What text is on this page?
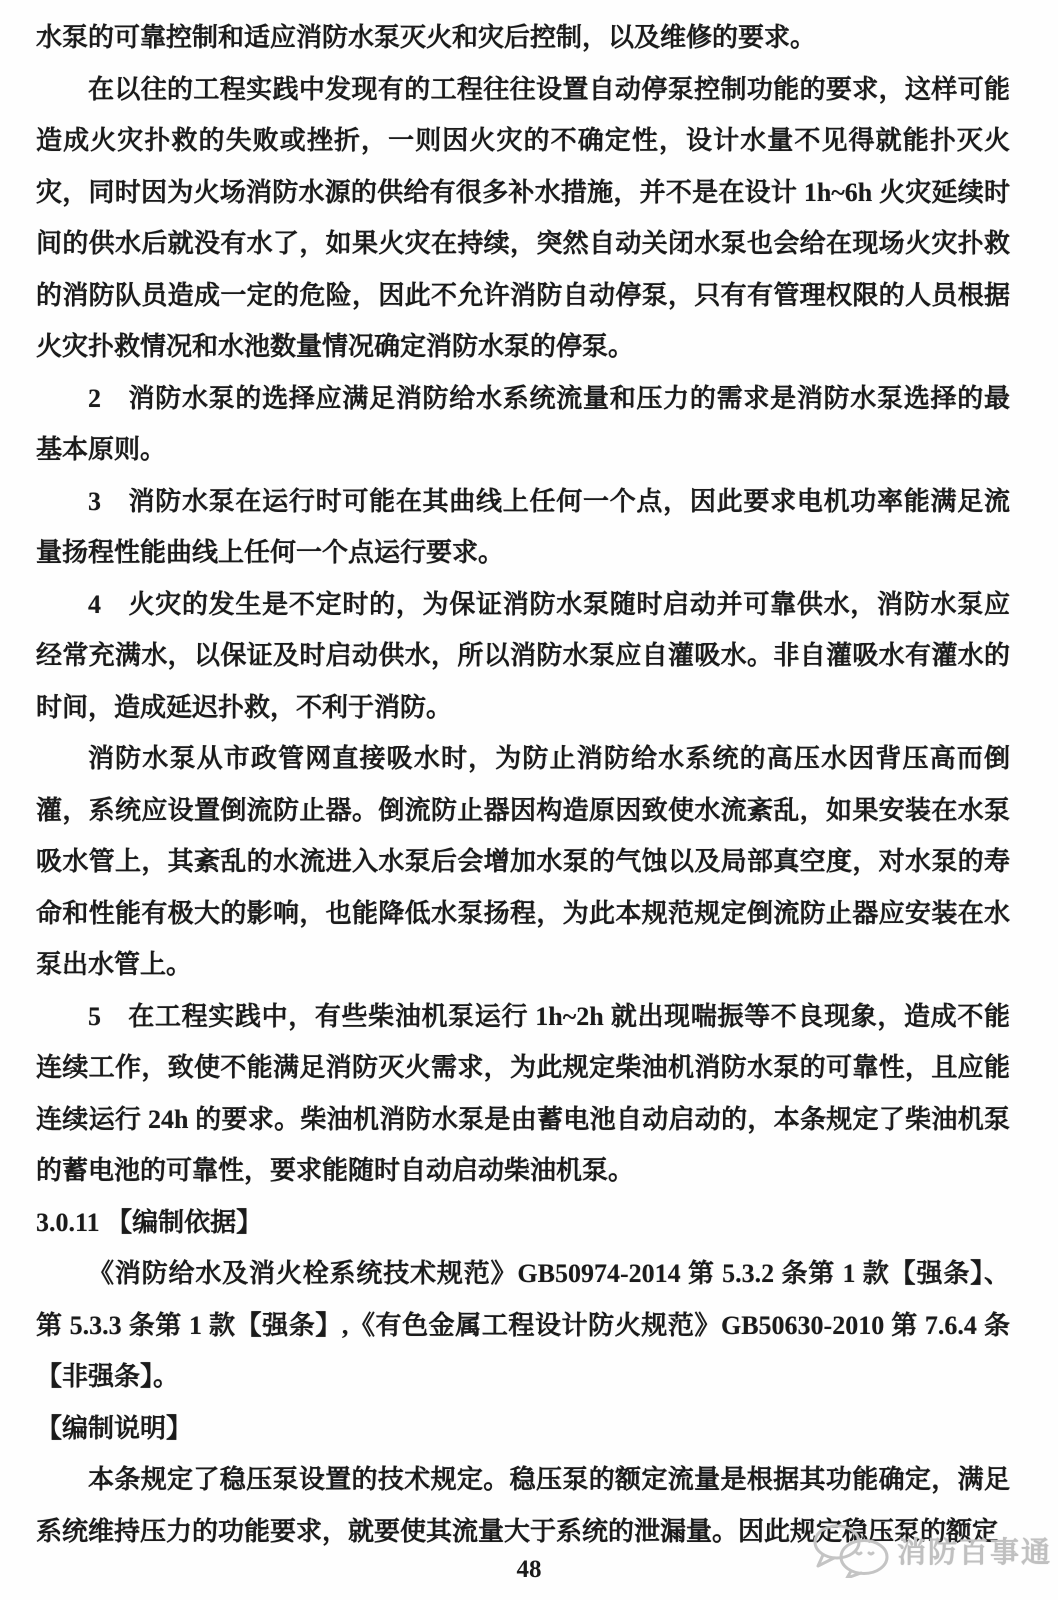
水泵的可靠控制和适应消防水泵灭火和灾后控制，以及维修的要求。

在以往的工程实践中发现有的工程往往设置自动停泵控制功能的要求，这样可能造成火灾扑救的失败或挫折，一则因火灾的不确定性，设计水量不见得就能扑灭火灾，同时因为火场消防水源的供给有很多补水措施，并不是在设计 1h~6h 火灾延续时间的供水后就没有水了，如果火灾在持续，突然自动关闭水泵也会给在现场火灾扑救的消防队员造成一定的危险，因此不允许消防自动停泵，只有有管理权限的人员根据火灾扑救情况和水池数量情况确定消防水泵的停泵。

2　消防水泵的选择应满足消防给水系统流量和压力的需求是消防水泵选择的最基本原则。

3　消防水泵在运行时可能在其曲线上任何一个点，因此要求电机功率能满足流量扬程性能曲线上任何一个点运行要求。

4　火灾的发生是不定时的，为保证消防水泵随时启动并可靠供水，消防水泵应经常充满水，以保证及时启动供水，所以消防水泵应自灌吸水。非自灌吸水有灌水的时间，造成延迟扑救，不利于消防。

消防水泵从市政管网直接吸水时，为防止消防给水系统的高压水因背压高而倒灌，系统应设置倒流防止器。倒流防止器因构造原因致使水流紊乱，如果安装在水泵吸水管上，其紊乱的水流进入水泵后会增加水泵的气蚀以及局部真空度，对水泵的寿命和性能有极大的影响，也能降低水泵扬程，为此本规范规定倒流防止器应安装在水泵出水管上。

5　在工程实践中，有些柴油机泵运行 1h~2h 就出现喘振等不良现象，造成不能连续工作，致使不能满足消防灭火需求，为此规定柴油机消防水泵的可靠性，且应能连续运行 24h 的要求。柴油机消防水泵是由蓄电池自动启动的，本条规定了柴油机泵的蓄电池的可靠性，要求能随时自动启动柴油机泵。

3.0.11 【编制依据】

《消防给水及消火栓系统技术规范》GB50974-2014 第 5.3.2 条第 1 款【强条】、第 5.3.3 条第 1 款【强条】,《有色金属工程设计防火规范》GB50630-2010 第 7.6.4 条【非强条】。

【编制说明】

本条规定了稳压泵设置的技术规定。稳压泵的额定流量是根据其功能确定，满足系统维持压力的功能要求，就要使其流量大于系统的泄漏量。因此规定稳压泵的额定

消防百事通
48
